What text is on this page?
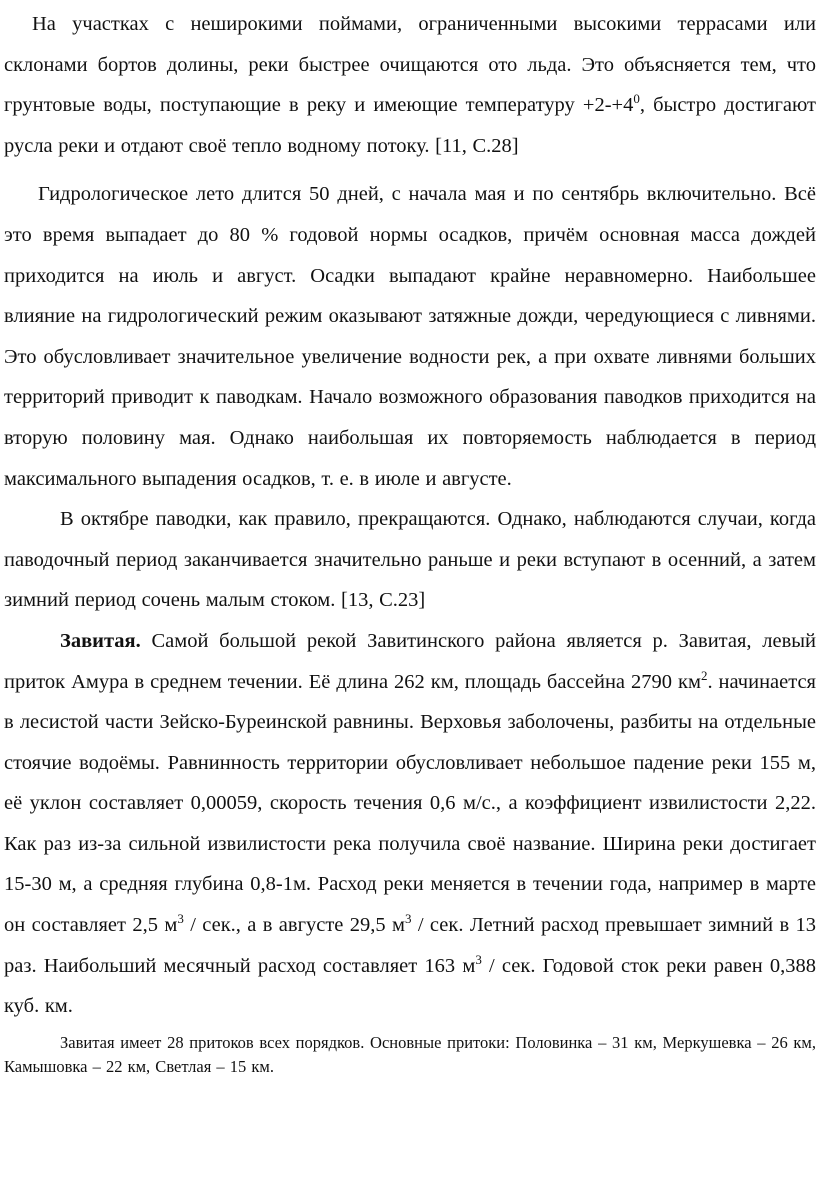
На участках с неширокими поймами, ограниченными высокими террасами или склонами бортов долины, реки быстрее очищаются ото льда. Это объясняется тем, что грунтовые воды, поступающие в реку и имеющие температуру $+2-+4^0$, быстро достигают русла реки и отдают своё тепло водному потоку. [11, С.28]

Гидрологическое лето длится 50 дней, с начала мая и по сентябрь включительно. Всё это время выпадает до 80 % годовой нормы осадков, причём основная масса дождей приходится на июль и август. Осадки выпадают крайне неравномерно. Наибольшее влияние на гидрологический режим оказывают затяжные дожди, чередующиеся с ливнями. Это обусловливает значительное увеличение водности рек, а при охвате ливнями больших территорий приводит к паводкам. Начало возможного образования паводков приходится на вторую половину мая. Однако наибольшая их повторяемость наблюдается в период максимального выпадения осадков, т. е. в июле и августе.

В октябре паводки, как правило, прекращаются. Однако, наблюдаются случаи, когда паводочный период заканчивается значительно раньше и реки вступают в осенний, а затем зимний период сочень малым стоком. [13, С.23]

Завитая. Самой большой рекой Завитинского района является р. Завитая, левый приток Амура в среднем течении. Её длина 262 км, площадь бассейна 2790 $км^2$. начинается в лесистой части Зейско-Буреинской равнины. Верховья заболочены, разбиты на отдельные стоячие водоёмы. Равнинность территории обусловливает небольшое падение реки 155 м, её уклон составляет 0,00059, скорость течения 0,6 м/с., а коэффициент извилистости 2,22. Как раз из-за сильной извилистости река получила своё название. Ширина реки достигает 15-30 м, а средняя глубина 0,8-1м. Расход реки меняется в течении года, например в марте он составляет 2,5 $м^3$ / сек., а в августе 29,5 $м^3$ / сек. Летний расход превышает зимний в 13 раз. Наибольший месячный расход составляет 163 $м^3$ / сек. Годовой сток реки равен 0,388 куб. км.

Завитая имеет 28 притоков всех порядков. Основные притоки: Половинка – 31 км, Меркушевка – 26 км, Камышовка – 22 км, Светлая – 15 км.
